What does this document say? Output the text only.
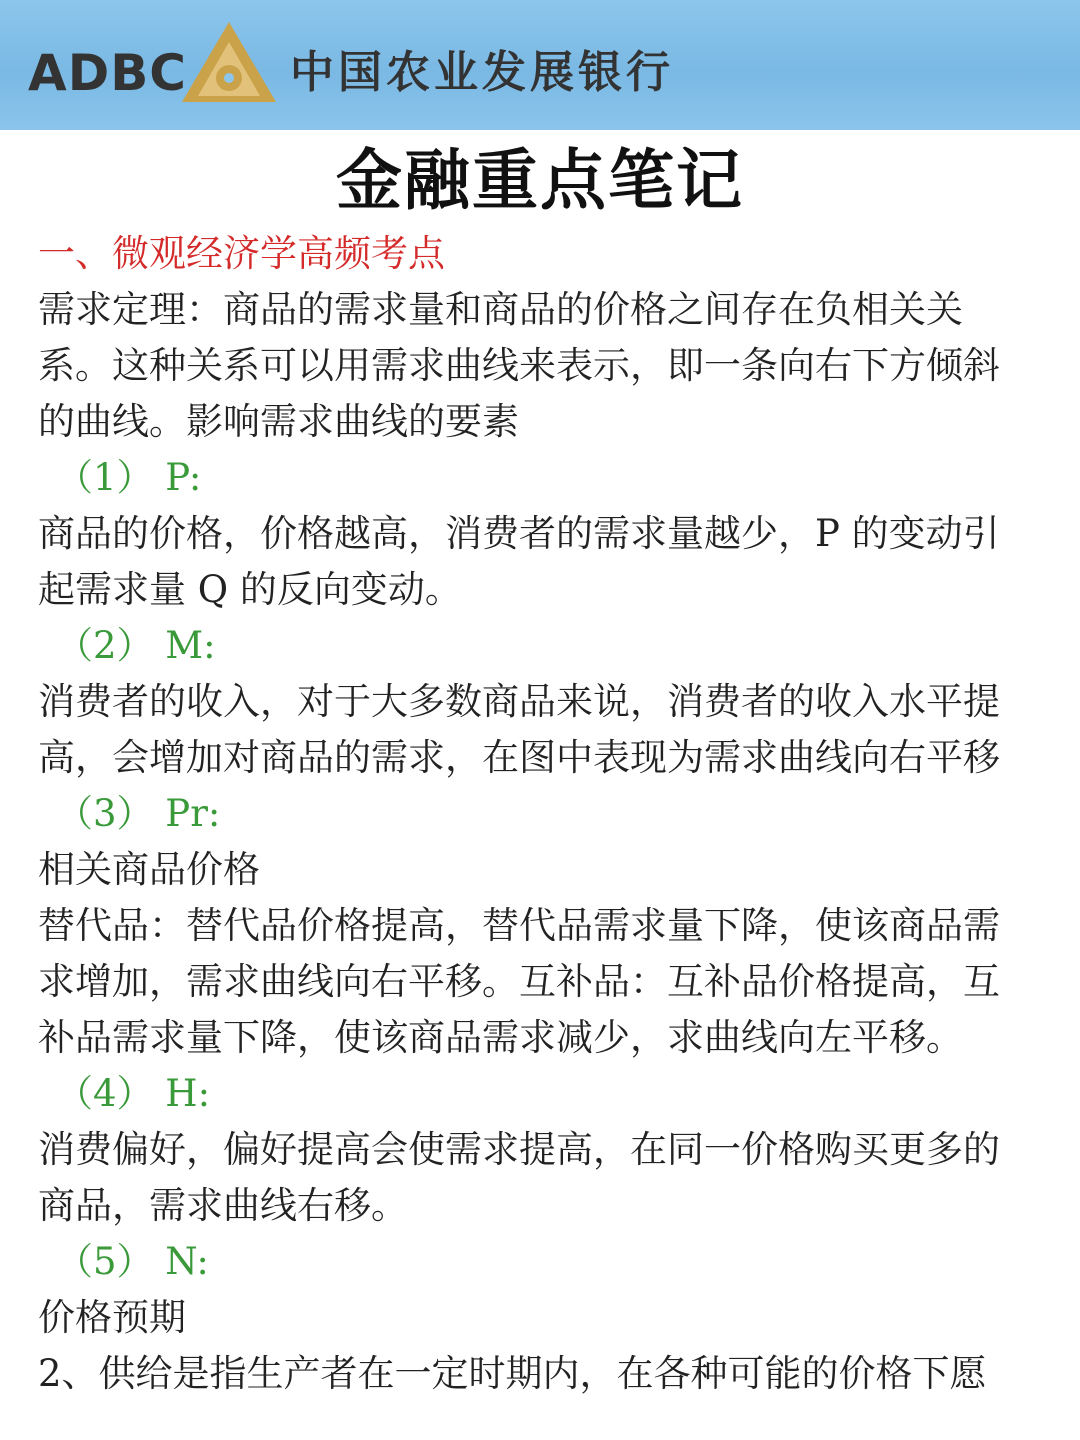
ADBC 中国农业发展银行
金融重点笔记
一、微观经济学高频考点
需求定理：商品的需求量和商品的价格之间存在负相关关
系。这种关系可以用需求曲线来表示，即一条向右下方倾斜
的曲线。影响需求曲线的要素
（1） P:
商品的价格，价格越高，消费者的需求量越少，P 的变动引
起需求量 Q 的反向变动。
（2） M:
消费者的收入，对于大多数商品来说，消费者的收入水平提
高，会增加对商品的需求，在图中表现为需求曲线向右平移
（3） Pr:
相关商品价格
替代品：替代品价格提高，替代品需求量下降，使该商品需
求增加，需求曲线向右平移。互补品：互补品价格提高，互
补品需求量下降，使该商品需求减少，求曲线向左平移。
（4） H:
消费偏好，偏好提高会使需求提高，在同一价格购买更多的
商品，需求曲线右移。
（5） N:
价格预期
2、供给是指生产者在一定时期内，在各种可能的价格下愿
